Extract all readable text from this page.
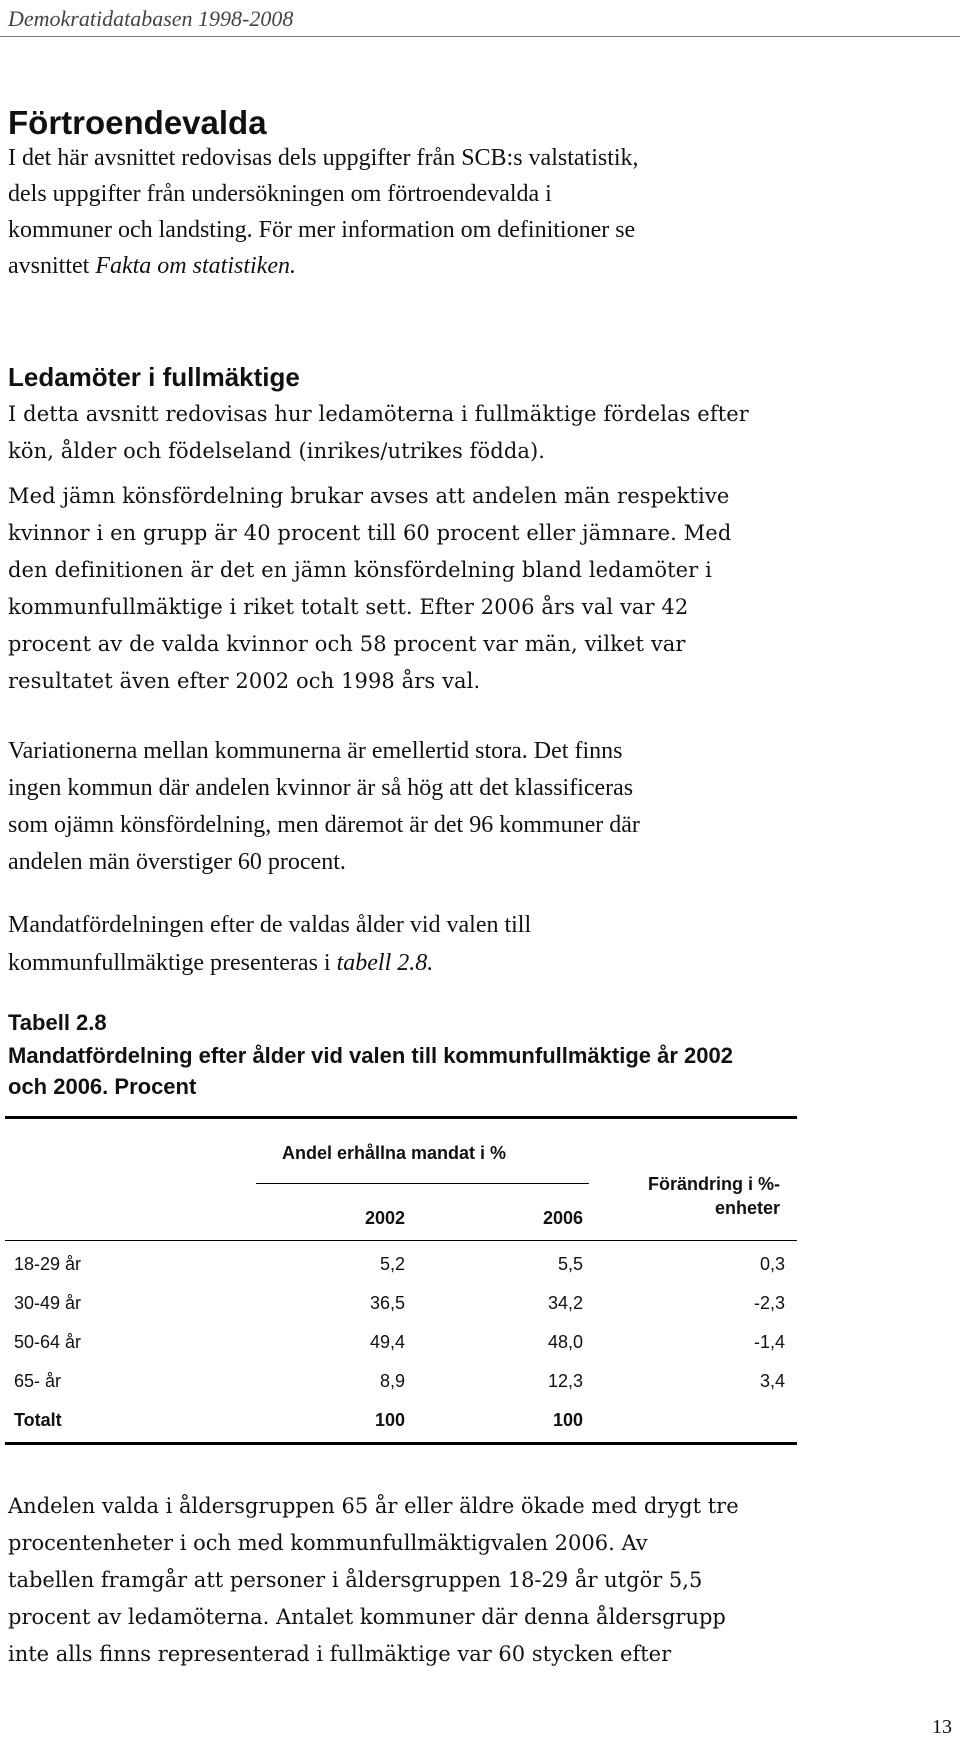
Demokratidatabasen 1998-2008
Förtroendevalda
I det här avsnittet redovisas dels uppgifter från SCB:s valstatistik,
dels uppgifter från undersökningen om förtroendevalda i
kommuner och landsting. För mer information om definitioner se
avsnittet Fakta om statistiken.
Ledamöter i fullmäktige
I detta avsnitt redovisas hur ledamöterna i fullmäktige fördelas efter
kön, ålder och födelseland (inrikes/utrikes födda).
Med jämn könsfördelning brukar avses att andelen män respektive
kvinnor i en grupp är 40 procent till 60 procent eller jämnare. Med
den definitionen är det en jämn könsfördelning bland ledamöter i
kommunfullmäktige i riket totalt sett. Efter 2006 års val var 42
procent av de valda kvinnor och 58 procent var män, vilket var
resultatet även efter 2002 och 1998 års val.
Variationerna mellan kommunerna är emellertid stora. Det finns
ingen kommun där andelen kvinnor är så hög att det klassificeras
som ojämn könsfördelning, men däremot är det 96 kommuner där
andelen män överstiger 60 procent.
Mandatfördelningen efter de valdas ålder vid valen till
kommunfullmäktige presenteras i tabell 2.8.
Tabell 2.8
Mandatfördelning efter ålder vid valen till kommunfullmäktige år 2002
och 2006. Procent
Andel erhållna mandat i %
Förändring i %-
enheter
2002	2006
18-29 år	5,2	5,5	0,3
30-49 år	36,5	34,2	-2,3
50-64 år	49,4	48,0	-1,4
65- år	8,9	12,3	3,4
Totalt	100	100
Andelen valda i åldersgruppen 65 år eller äldre ökade med drygt tre
procentenheter i och med kommunfullmäktigvalen 2006. Av
tabellen framgår att personer i åldersgruppen 18-29 år utgör 5,5
procent av ledamöterna. Antalet kommuner där denna åldersgrupp
inte alls finns representerad i fullmäktige var 60 stycken efter
13
